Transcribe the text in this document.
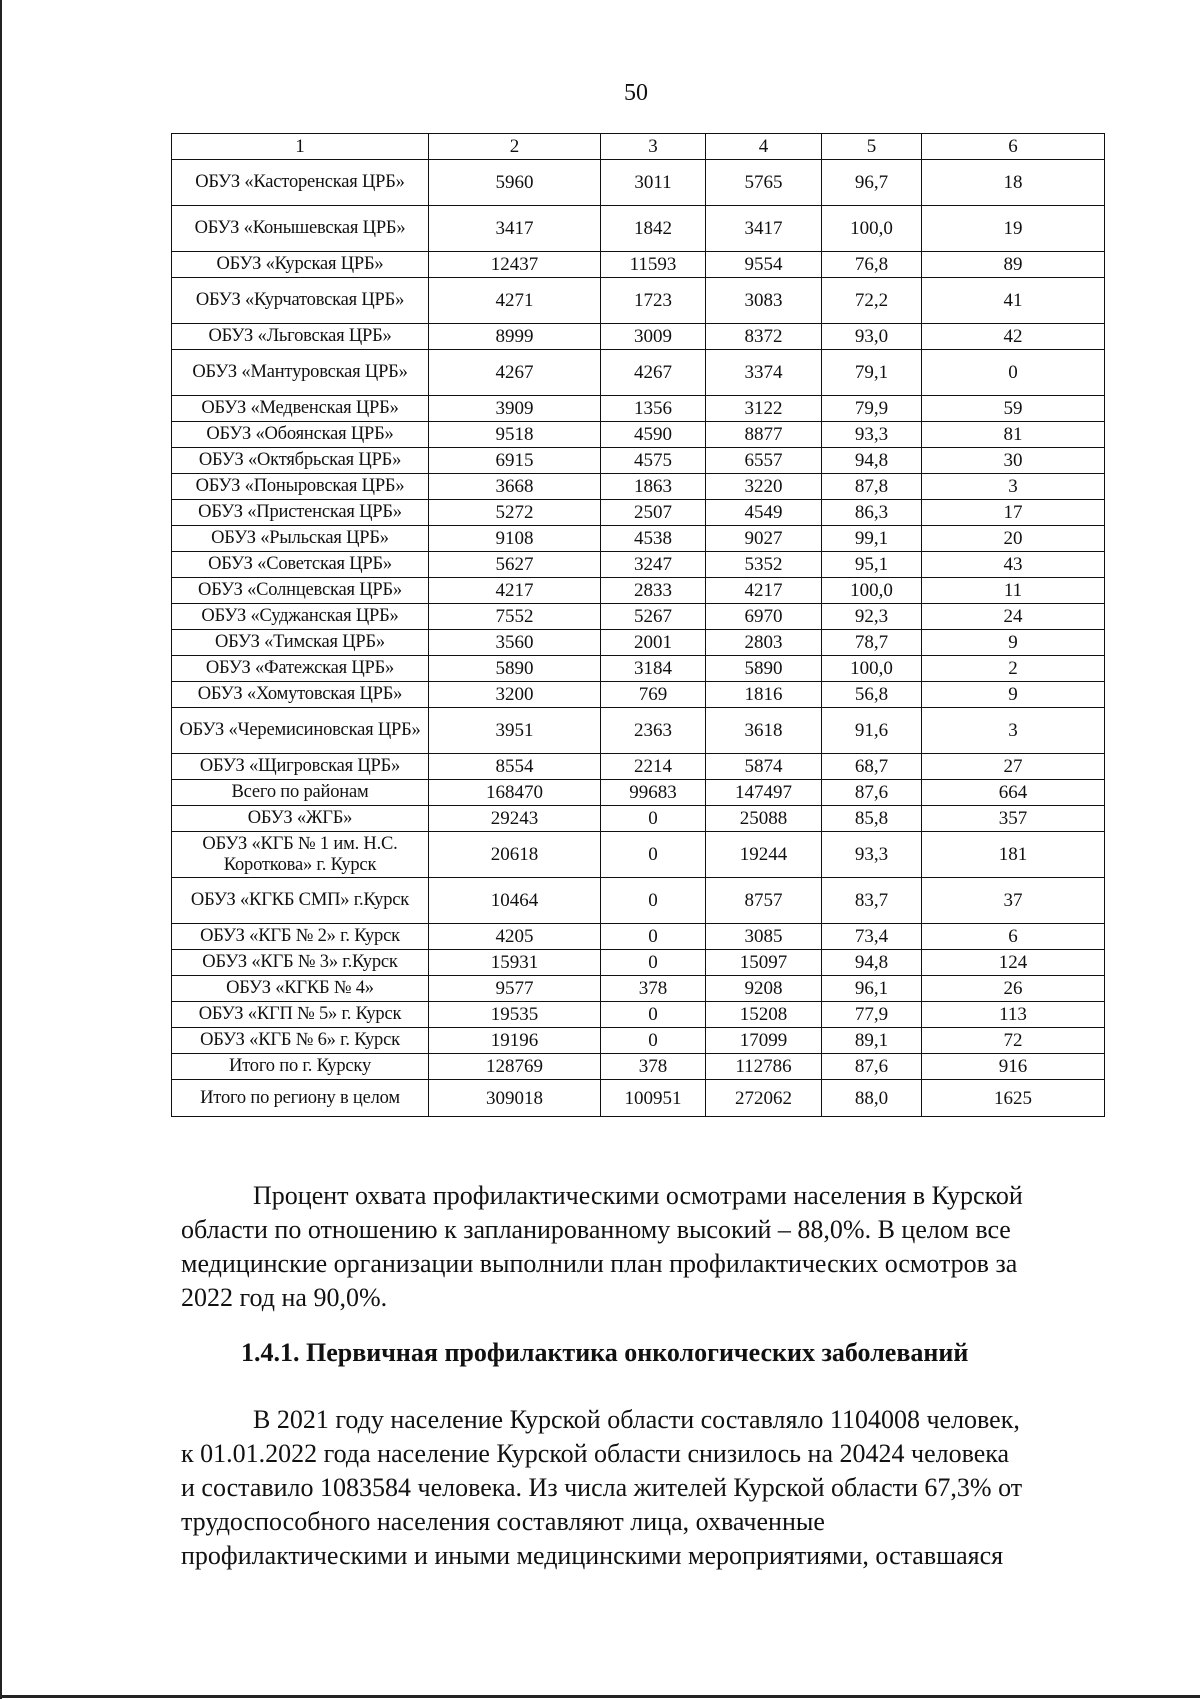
50
1	2	3	4	5	6
ОБУЗ «Касторенская ЦРБ»	5960	3011	5765	96,7	18
ОБУЗ «Конышевская ЦРБ»	3417	1842	3417	100,0	19
ОБУЗ «Курская ЦРБ»	12437	11593	9554	76,8	89
ОБУЗ «Курчатовская ЦРБ»	4271	1723	3083	72,2	41
ОБУЗ «Льговская ЦРБ»	8999	3009	8372	93,0	42
ОБУЗ «Мантуровская ЦРБ»	4267	4267	3374	79,1	0
ОБУЗ «Медвенская ЦРБ»	3909	1356	3122	79,9	59
ОБУЗ «Обоянская ЦРБ»	9518	4590	8877	93,3	81
ОБУЗ «Октябрьская ЦРБ»	6915	4575	6557	94,8	30
ОБУЗ «Поныровская ЦРБ»	3668	1863	3220	87,8	3
ОБУЗ «Пристенская ЦРБ»	5272	2507	4549	86,3	17
ОБУЗ «Рыльская ЦРБ»	9108	4538	9027	99,1	20
ОБУЗ «Советская ЦРБ»	5627	3247	5352	95,1	43
ОБУЗ «Солнцевская ЦРБ»	4217	2833	4217	100,0	11
ОБУЗ «Суджанская ЦРБ»	7552	5267	6970	92,3	24
ОБУЗ «Тимская ЦРБ»	3560	2001	2803	78,7	9
ОБУЗ «Фатежская ЦРБ»	5890	3184	5890	100,0	2
ОБУЗ «Хомутовская ЦРБ»	3200	769	1816	56,8	9
ОБУЗ «Черемисиновская ЦРБ»	3951	2363	3618	91,6	3
ОБУЗ «Щигровская ЦРБ»	8554	2214	5874	68,7	27
Всего по районам	168470	99683	147497	87,6	664
ОБУЗ «ЖГБ»	29243	0	25088	85,8	357
ОБУЗ «КГБ № 1 им. Н.С. Короткова» г. Курск	20618	0	19244	93,3	181
ОБУЗ «КГКБ СМП» г.Курск	10464	0	8757	83,7	37
ОБУЗ «КГБ № 2» г. Курск	4205	0	3085	73,4	6
ОБУЗ «КГБ № 3» г.Курск	15931	0	15097	94,8	124
ОБУЗ «КГКБ № 4»	9577	378	9208	96,1	26
ОБУЗ «КГП № 5» г. Курск	19535	0	15208	77,9	113
ОБУЗ «КГБ № 6» г. Курск	19196	0	17099	89,1	72
Итого по г. Курску	128769	378	112786	87,6	916
Итого по региону в целом	309018	100951	272062	88,0	1625
Процент охвата профилактическими осмотрами населения в Курской
области по отношению к запланированному высокий – 88,0%. В целом все
медицинские организации выполнили план профилактических осмотров за
2022 год на 90,0%.
1.4.1. Первичная профилактика онкологических заболеваний
В 2021 году население Курской области составляло 1104008 человек,
к 01.01.2022 года население Курской области снизилось на 20424 человека
и составило 1083584 человека. Из числа жителей Курской области 67,3% от
трудоспособного населения составляют лица, охваченные
профилактическими и иными медицинскими мероприятиями, оставшаяся
